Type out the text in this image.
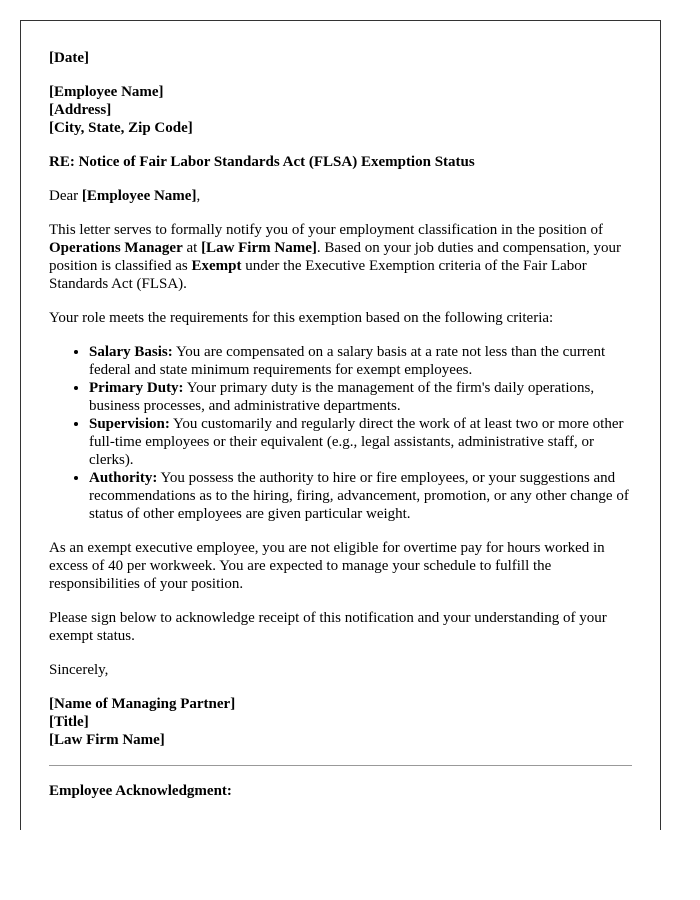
[Date]

[Employee Name]
[Address]
[City, State, Zip Code]

RE: Notice of Fair Labor Standards Act (FLSA) Exemption Status

Dear [Employee Name],

This letter serves to formally notify you of your employment classification in the position of Operations Manager at [Law Firm Name]. Based on your job duties and compensation, your position is classified as Exempt under the Executive Exemption criteria of the Fair Labor Standards Act (FLSA).

Your role meets the requirements for this exemption based on the following criteria:

• Salary Basis: You are compensated on a salary basis at a rate not less than the current federal and state minimum requirements for exempt employees.
• Primary Duty: Your primary duty is the management of the firm's daily operations, business processes, and administrative departments.
• Supervision: You customarily and regularly direct the work of at least two or more other full-time employees or their equivalent (e.g., legal assistants, administrative staff, or clerks).
• Authority: You possess the authority to hire or fire employees, or your suggestions and recommendations as to the hiring, firing, advancement, promotion, or any other change of status of other employees are given particular weight.

As an exempt executive employee, you are not eligible for overtime pay for hours worked in excess of 40 per workweek. You are expected to manage your schedule to fulfill the responsibilities of your position.

Please sign below to acknowledge receipt of this notification and your understanding of your exempt status.

Sincerely,

[Name of Managing Partner]
[Title]
[Law Firm Name]

Employee Acknowledgment:
